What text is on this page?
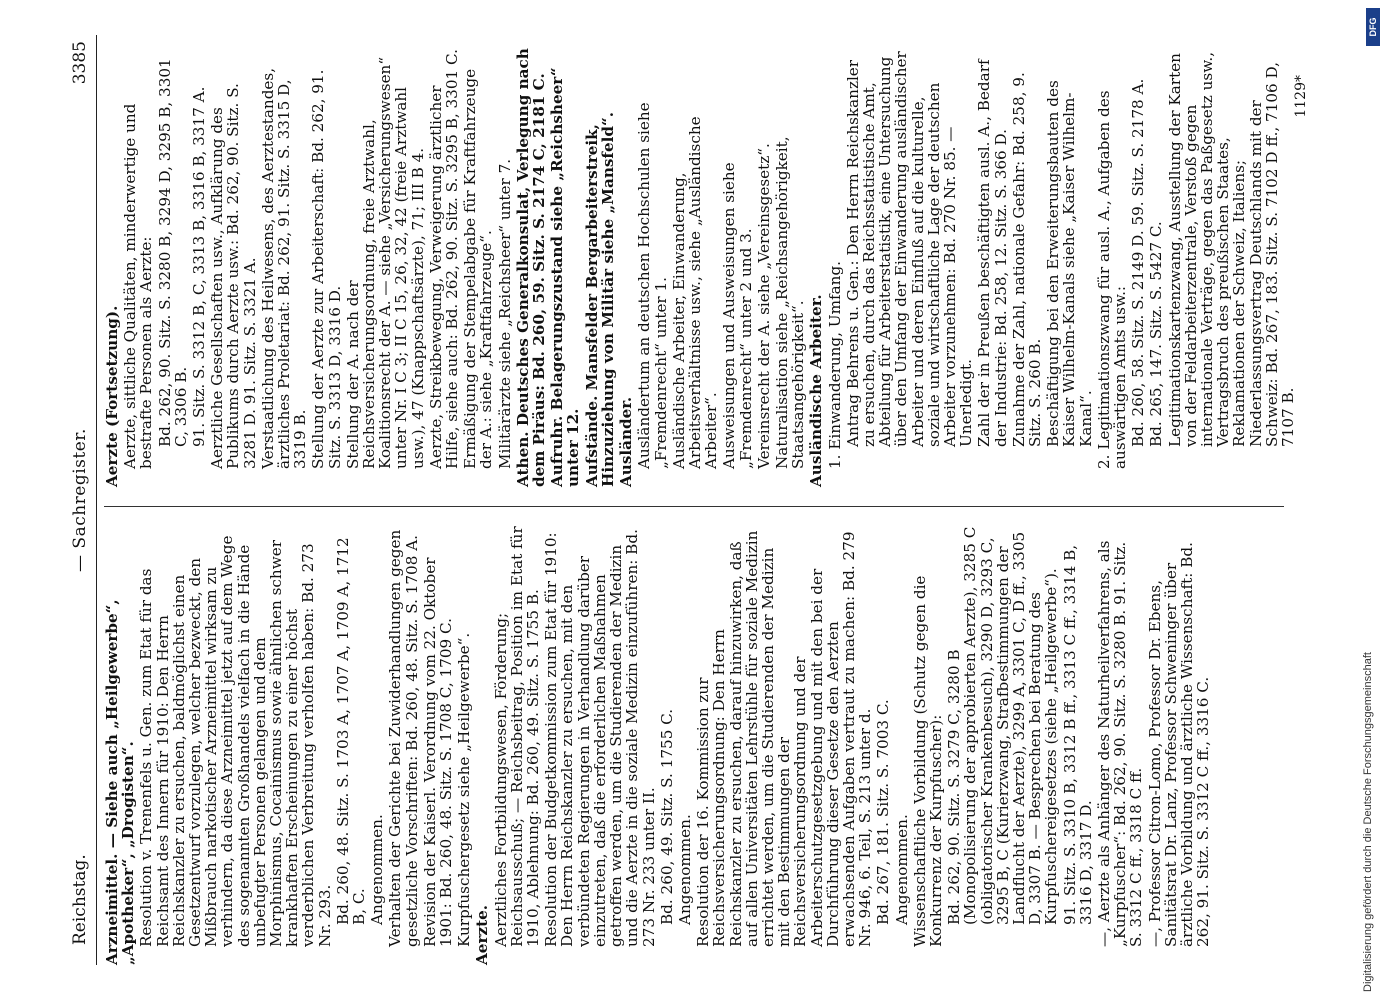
Reichstag.
— Sachregister.
3385
Arzneimittel. — Siehe auch „Heilgewerbe“, „Apotheker“, „Drogisten“. Resolution v. Trenenfels u. Gen. zum Etat für das Reichsamt des Innern für 1910: Den Herrn Reichskanzler zu ersuchen, baldmöglichst einen Gesetzentwurf vorzulegen, welcher bezweckt, den Mißbrauch narkotischer Arzneimittel wirksam zu verhindern, da diese Arzneimittel jetzt auf dem Wege des sogenannten Großhandels vielfach in die Hände unbefugter Personen gelangen und dem Morphinismus, Cocainismus sowie ähnlichen schwer krankhaften Erscheinungen zu einer höchst verderblichen Verbreitung verholfen haben: Bd. 273 Nr. 293. Bd. 260, 48. Sitz. S. 1703 A, 1707 A, 1709 A, 1712 B, C. Angenommen. Verhalten der Gerichte bei Zuwiderhandlungen gegen gesetzliche Vorschriften: Bd. 260, 48. Sitz. S. 1708 A. Revision der Kaiserl. Verordnung vom 22. Oktober 1901: Bd. 260, 48. Sitz. S. 1708 C, 1709 C. Kurpfuschergesetz siehe „Heilgewerbe“. Aerzte. Aerztliches Fortbildungswesen, Förderung; Reichsausschuß; — Reichsbeitrag, Position im Etat für 1910, Ablehnung: Bd. 260, 49. Sitz. S. 1755 B. Resolution der Budgetkommission zum Etat für 1910: Den Herrn Reichskanzler zu ersuchen, mit den verbündeten Regierungen in Verhandlung darüber einzutreten, daß die erforderlichen Maßnahmen getroffen werden, um die Studierenden der Medizin und die Aerzte in die soziale Medizin einzuführen: Bd. 273 Nr. 233 unter II. Bd. 260, 49. Sitz. S. 1755 C. Angenommen. Resolution der 16. Kommission zur Reichsversicherungsordnung: Den Herrn Reichskanzler zu ersuchen, darauf hinzuwirken, daß auf allen Universitäten Lehrstühle für soziale Medizin errichtet werden, um die Studierenden der Medizin mit den Bestimmungen der Reichsversicherungsordnung und der Arbeiterschutzgesetzgebung und mit den bei der Durchführung dieser Gesetze den Aerzten erwachsenden Aufgaben vertraut zu machen: Bd. 279 Nr. 946, 6. Teil, S. 213 unter d. Bd. 267, 181. Sitz. S. 7003 C. Angenommen. Wissenschaftliche Vorbildung (Schutz gegen die Konkurrenz der Kurpfuscher): Bd. 262, 90. Sitz. S. 3279 C, 3280 B (Monopolisierung der approbierten Aerzte), 3285 C (obligatorischer Krankenbesuch), 3290 D, 3293 C, 3295 B, C (Kurierzwang, Strafbestimmungen der Landflucht der Aerzte), 3299 A, 3301 C, D ff., 3305 D, 3307 B. — Besprechen bei Beratung des Kurpfuschereigesetzes (siehe „Heilgewerbe“). 91. Sitz. S. 3310 B, 3312 B ff., 3313 C ff., 3314 B, 3316 D, 3317 D. —, Aerzte als Anhänger des Naturheilverfahrens, als „Kurpfuscher“: Bd. 262, 90. Sitz. S. 3280 B. 91. Sitz. S. 3312 C ff., 3318 C ff. —, Professor Citron-Lomo, Professor Dr. Ebens, Sanitätsrat Dr. Lanz, Professor Schweninger über ärztliche Vorbildung und ärztliche Wissenschaft: Bd. 262, 91. Sitz. S. 3312 C ff., 3316 C.
Aerzte (Fortsetzung). Aerzte, sittliche Qualitäten, minderwertige und bestrafte Personen als Aerzte: Bd. 262, 90. Sitz. S. 3280 B, 3294 D, 3295 B, 3301 C, 3306 B. 91. Sitz. S. 3312 B, C, 3313 B, 3316 B, 3317 A. Aerztliche Gesellschaften usw., Aufklärung des Publikums durch Aerzte usw.: Bd. 262, 90. Sitz. S. 3281 D. 91. Sitz. S. 3321 A. Verstaatlichung des Heilwesens, des Aerztestandes, ärztliches Proletariat: Bd. 262, 91. Sitz. S. 3315 D, 3319 B. Stellung der Aerzte zur Arbeiterschaft: Bd. 262, 91. Sitz. S. 3313 D, 3316 D. Stellung der A. nach der Reichsversicherungsordnung, freie Arztwahl, Koalitionsrecht der A. — siehe „Versicherungswesen“ unter Nr. I C 3; II C 15, 26, 32, 42 (freie Arztwahl usw.), 47 (Knappschaftsärzte), 71; III B 4. Aerzte, Streikbewegung, Verweigerung ärztlicher Hilfe, siehe auch: Bd. 262, 90. Sitz. S. 3295 B, 3301 C. Ermäßigung der Stempelabgabe für Kraftfahrzeuge der A.: siehe „Kraftfahrzeuge“. Militärärzte siehe „Reichsheer“ unter 7. Athen. Deutsches Generalkonsulat, Verlegung nach dem Piräus: Bd. 260, 59. Sitz. S. 2174 C, 2181 C. Aufruhr. Belagerungszustand siehe „Reichsheer“ unter 12. Aufstände. Mansfelder Bergarbeiterstreik, Hinzuziehung von Militär siehe „Mansfeld“. Ausländer. Ausländertum an deutschen Hochschulen siehe „Fremdenrecht“ unter 1. Ausländische Arbeiter, Einwanderung, Arbeitsverhältnisse usw., siehe „Ausländische Arbeiter“. Ausweisungen und Ausweisungen siehe „Fremdenrecht“ unter 2 und 3. Vereinsrecht der A. siehe „Vereinsgesetz“. Naturalisation siehe „Reichsangehörigkeit, Staatsangehörigkeit“. Ausländische Arbeiter. 1. Einwanderung, Umfang. Antrag Behrens u. Gen.: Den Herrn Reichskanzler zu ersuchen, durch das Reichsstatistische Amt, Abteilung für Arbeiterstatistik, eine Untersuchung über den Umfang der Einwanderung ausländischer Arbeiter und deren Einfluß auf die kulturelle, soziale und wirtschaftliche Lage der deutschen Arbeiter vorzunehmen: Bd. 270 Nr. 85. — Unerledigt. Zahl der in Preußen beschäftigten ausl. A., Bedarf der Industrie: Bd. 258, 12. Sitz. S. 366 D. Zunahme der Zahl, nationale Gefahr: Bd. 258, 9. Sitz. S. 260 B. Beschäftigung bei den Erweiterungsbauten des Kaiser Wilhelm-Kanals siehe „Kaiser Wilhelm-Kanal“. 2. Legitimationszwang für ausl. A., Aufgaben des auswärtigen Amts usw.: Bd. 260, 58. Sitz. S. 2149 D. 59. Sitz. S. 2178 A. Bd. 265, 147. Sitz. S. 5427 C. Legitimationskartenzwang, Ausstellung der Karten von der Feldarbeiterzentrale, Verstoß gegen internationale Verträge, gegen das Paßgesetz usw., Vertragsbruch des preußischen Staates, Reklamationen der Schweiz, Italiens; Niederlassungsvertrag Deutschlands mit der Schweiz: Bd. 267, 183. Sitz. S. 7102 D ff., 7106 D, 7107 B.
1129*
DFG
Digitalisierung gefördert durch die Deutsche Forschungsgemeinschaft
